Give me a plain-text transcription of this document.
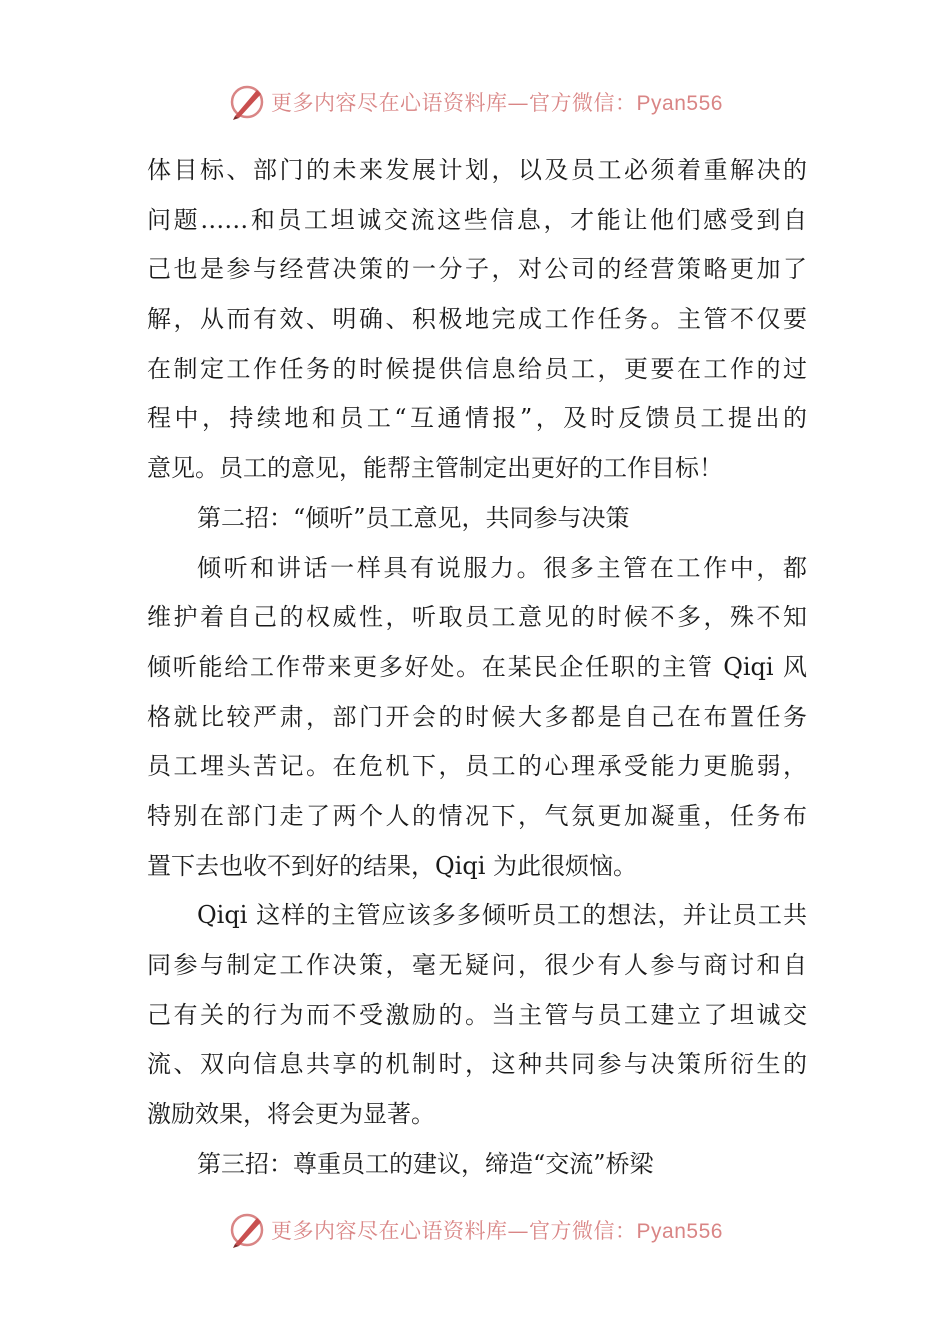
更多内容尽在心语资料库—官方微信：Pyan556
体目标、部门的未来发展计划，以及员工必须着重解决的
问题……和员工坦诚交流这些信息，才能让他们感受到自
己也是参与经营决策的一分子，对公司的经营策略更加了
解，从而有效、明确、积极地完成工作任务。主管不仅要
在制定工作任务的时候提供信息给员工，更要在工作的过
程中，持续地和员工“互通情报”，及时反馈员工提出的
意见。员工的意见，能帮主管制定出更好的工作目标！
第二招：“倾听”员工意见，共同参与决策
倾听和讲话一样具有说服力。很多主管在工作中，都
维护着自己的权威性，听取员工意见的时候不多，殊不知
倾听能给工作带来更多好处。在某民企任职的主管 Qiqi 风
格就比较严肃，部门开会的时候大多都是自己在布置任务
员工埋头苦记。在危机下，员工的心理承受能力更脆弱，
特别在部门走了两个人的情况下，气氛更加凝重，任务布
置下去也收不到好的结果，Qiqi 为此很烦恼。
Qiqi 这样的主管应该多多倾听员工的想法，并让员工共
同参与制定工作决策，毫无疑问，很少有人参与商讨和自
己有关的行为而不受激励的。当主管与员工建立了坦诚交
流、双向信息共享的机制时，这种共同参与决策所衍生的
激励效果，将会更为显著。
第三招：尊重员工的建议，缔造“交流”桥梁
更多内容尽在心语资料库—官方微信：Pyan556
